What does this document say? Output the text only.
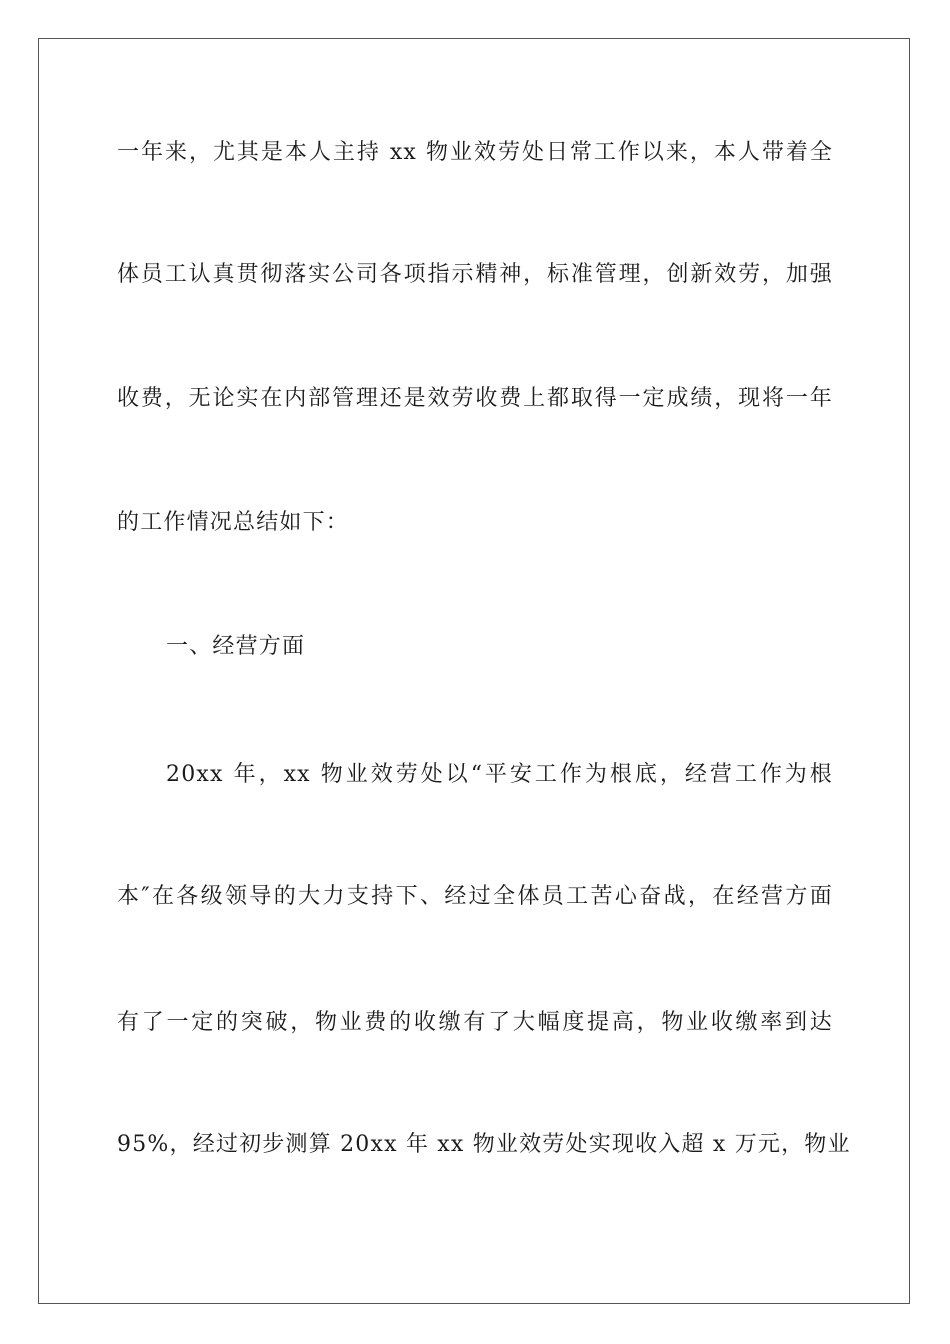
一年来，尤其是本人主持 xx 物业效劳处日常工作以来，本人带着全
体员工认真贯彻落实公司各项指示精神，标准管理，创新效劳，加强
收费，无论实在内部管理还是效劳收费上都取得一定成绩，现将一年
的工作情况总结如下：
一、经营方面
20xx 年，xx 物业效劳处以“平安工作为根底，经营工作为根
本″在各级领导的大力支持下、经过全体员工苦心奋战，在经营方面
有了一定的突破，物业费的收缴有了大幅度提高，物业收缴率到达
95%，经过初步测算 20xx 年 xx 物业效劳处实现收入超 x 万元，物业
